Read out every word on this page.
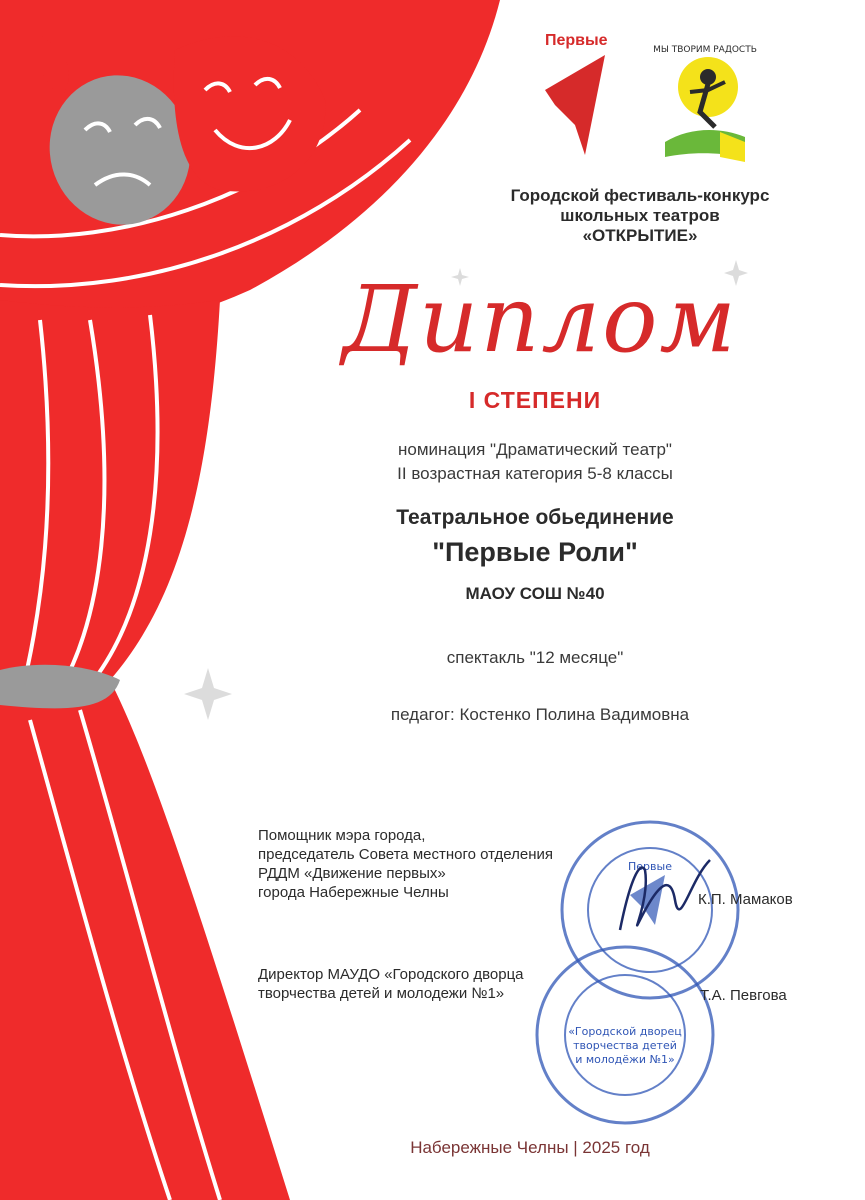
Первые
МЫ ТВОРИМ РАДОСТЬ
Городской фестиваль-конкурс
школьных театров
«ОТКРЫТИЕ»
Диплом
I СТЕПЕНИ
номинация "Драматический театр"
II возрастная категория 5-8 классы
Театральное обьединение
"Первые Роли"
МАОУ СОШ №40
спектакль "12 месяце"
педагог: Костенко Полина Вадимовна
Первые
«Городской дворец
творчества детей
и молодёжи №1»
Помощник мэра города,
председатель Совета местного отделения
РДДМ «Движение первых»
города Набережные Челны	К.П. Мамаков
Директор МАУДО «Городского дворца
творчества детей и молодежи №1»	Т.А. Певгова
Набережные Челны | 2025 год
